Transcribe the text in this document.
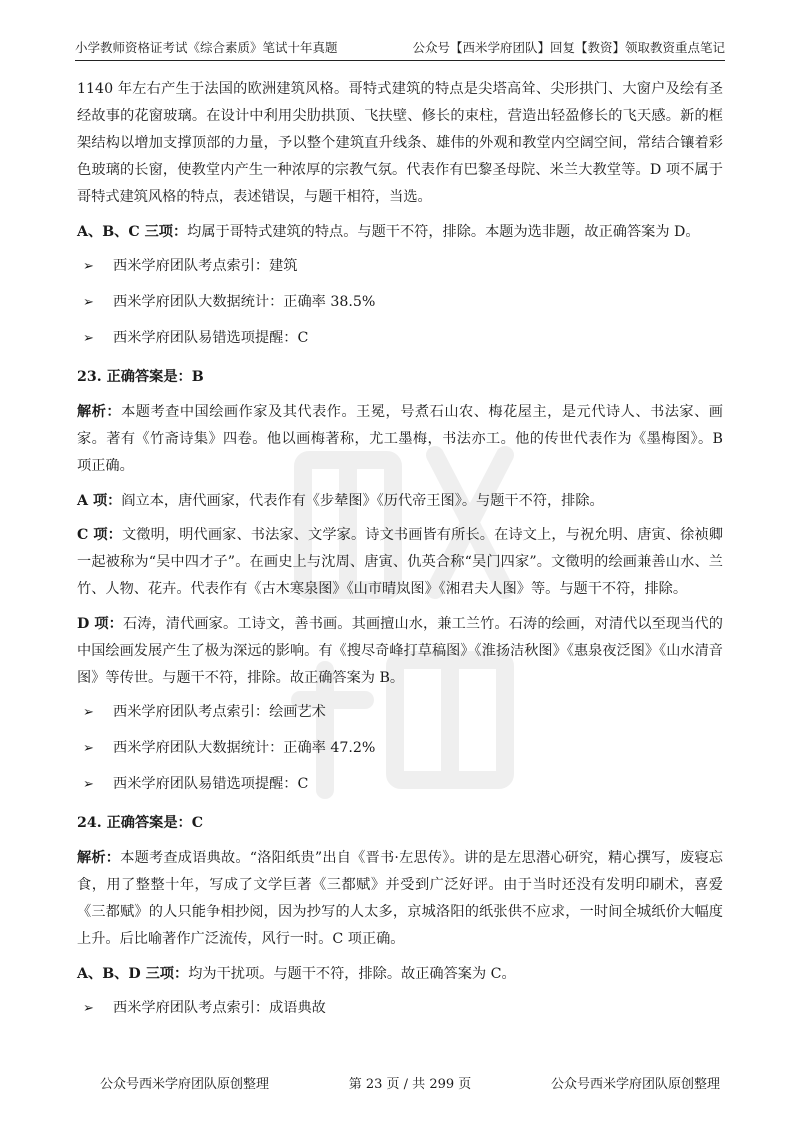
小学教师资格证考试《综合素质》笔试十年真题	公众号【西米学府团队】回复【教资】领取教资重点笔记

1140 年左右产生于法国的欧洲建筑风格。哥特式建筑的特点是尖塔高耸、尖形拱门、大窗户及绘有圣经故事的花窗玻璃。在设计中利用尖肋拱顶、飞扶壁、修长的束柱，营造出轻盈修长的飞天感。新的框架结构以增加支撑顶部的力量，予以整个建筑直升线条、雄伟的外观和教堂内空阔空间，常结合镶着彩色玻璃的长窗，使教堂内产生一种浓厚的宗教气氛。代表作有巴黎圣母院、米兰大教堂等。D 项不属于哥特式建筑风格的特点，表述错误，与题干相符，当选。

A、B、C 三项：均属于哥特式建筑的特点。与题干不符，排除。本题为选非题，故正确答案为 D。

➢	西米学府团队考点索引：建筑
➢	西米学府团队大数据统计：正确率 38.5%
➢	西米学府团队易错选项提醒：C

23. 正确答案是：B

解析：本题考查中国绘画作家及其代表作。王冕，号煮石山农、梅花屋主，是元代诗人、书法家、画家。著有《竹斋诗集》四卷。他以画梅著称，尤工墨梅，书法亦工。他的传世代表作为《墨梅图》。B 项正确。

A 项：阎立本，唐代画家，代表作有《步辇图》《历代帝王图》。与题干不符，排除。

C 项：文徵明，明代画家、书法家、文学家。诗文书画皆有所长。在诗文上，与祝允明、唐寅、徐祯卿一起被称为“吴中四才子”。在画史上与沈周、唐寅、仇英合称“吴门四家”。文徵明的绘画兼善山水、兰竹、人物、花卉。代表作有《古木寒泉图》《山市晴岚图》《湘君夫人图》等。与题干不符，排除。

D 项：石涛，清代画家。工诗文，善书画。其画擅山水，兼工兰竹。石涛的绘画，对清代以至现当代的中国绘画发展产生了极为深远的影响。有《搜尽奇峰打草稿图》《淮扬洁秋图》《惠泉夜泛图》《山水清音图》等传世。与题干不符，排除。故正确答案为 B。

➢	西米学府团队考点索引：绘画艺术
➢	西米学府团队大数据统计：正确率 47.2%
➢	西米学府团队易错选项提醒：C

24. 正确答案是：C

解析：本题考查成语典故。“洛阳纸贵”出自《晋书·左思传》。讲的是左思潜心研究，精心撰写，废寝忘食，用了整整十年，写成了文学巨著《三都赋》并受到广泛好评。由于当时还没有发明印刷术，喜爱《三都赋》的人只能争相抄阅，因为抄写的人太多，京城洛阳的纸张供不应求，一时间全城纸价大幅度上升。后比喻著作广泛流传，风行一时。C 项正确。

A、B、D 三项：均为干扰项。与题干不符，排除。故正确答案为 C。

➢	西米学府团队考点索引：成语典故
公众号西米学府团队原创整理	第 23 页 / 共 299 页	公众号西米学府团队原创整理
